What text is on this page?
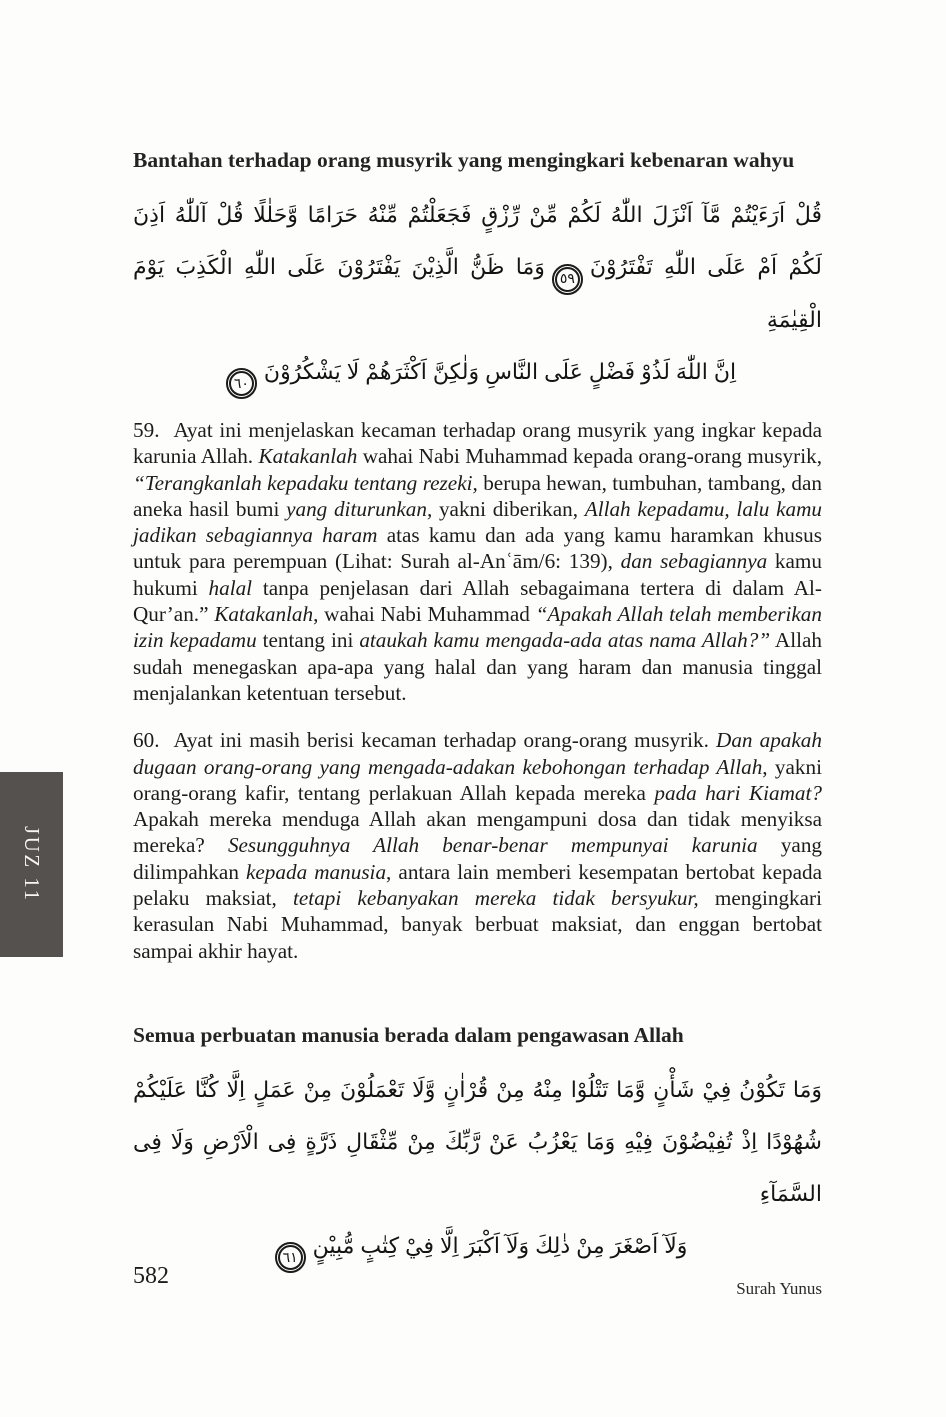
JUZ 11
Bantahan terhadap orang musyrik yang mengingkari kebenaran wahyu
قُلْ اَرَءَيْتُمْ مَّآ اَنْزَلَ اللّٰهُ لَكُمْ مِّنْ رِّزْقٍ فَجَعَلْتُمْ مِّنْهُ حَرَامًا وَّحَلٰلًا قُلْ آللّٰهُ اَذِنَ
لَكُمْ اَمْ عَلَى اللّٰهِ تَفْتَرُوْنَ٥٩وَمَا ظَنُّ الَّذِيْنَ يَفْتَرُوْنَ عَلَى اللّٰهِ الْكَذِبَ يَوْمَ الْقِيٰمَةِ
اِنَّ اللّٰهَ لَذُوْ فَضْلٍ عَلَى النَّاسِ وَلٰكِنَّ اَكْثَرَهُمْ لَا يَشْكُرُوْنَ٦٠

59. Ayat ini menjelaskan kecaman terhadap orang musyrik yang ingkar kepada karunia Allah. Katakanlah wahai Nabi Muhammad kepada orang-orang musyrik, “Terangkanlah kepadaku tentang rezeki, berupa hewan, tumbuhan, tambang, dan aneka hasil bumi yang diturunkan, yakni diberikan, Allah kepadamu, lalu kamu jadikan sebagiannya haram atas kamu dan ada yang kamu haramkan khusus untuk para perempuan (Lihat: Surah al-Anʿām/6: 139), dan sebagiannya kamu hukumi halal tanpa penjelasan dari Allah sebagaimana tertera di dalam Al-Qur’an.” Katakanlah, wahai Nabi Muhammad “Apakah Allah telah memberikan izin kepadamu tentang ini ataukah kamu mengada-ada atas nama Allah?” Allah sudah menegaskan apa-apa yang halal dan yang haram dan manusia tinggal menjalankan ketentuan tersebut.

60. Ayat ini masih berisi kecaman terhadap orang-orang musyrik. Dan apakah dugaan orang-orang yang mengada-adakan kebohongan terhadap Allah, yakni orang-orang kafir, tentang perlakuan Allah kepada mereka pada hari Kiamat? Apakah mereka menduga Allah akan mengampuni dosa dan tidak menyiksa mereka? Sesungguhnya Allah benar-benar mempunyai karunia yang dilimpahkan kepada manusia, antara lain memberi kesempatan bertobat kepada pelaku maksiat, tetapi kebanyakan mereka tidak bersyukur, mengingkari kerasulan Nabi Muhammad, banyak berbuat maksiat, dan enggan bertobat sampai akhir hayat.

Semua perbuatan manusia berada dalam pengawasan Allah
وَمَا تَكُوْنُ فِيْ شَأْنٍ وَّمَا تَتْلُوْا مِنْهُ مِنْ قُرْاٰنٍ وَّلَا تَعْمَلُوْنَ مِنْ عَمَلٍ اِلَّا كُنَّا عَلَيْكُمْ
شُهُوْدًا اِذْ تُفِيْضُوْنَ فِيْهِ وَمَا يَعْزُبُ عَنْ رَّبِّكَ مِنْ مِّثْقَالِ ذَرَّةٍ فِى الْاَرْضِ وَلَا فِى السَّمَآءِ
وَلَآ اَصْغَرَ مِنْ ذٰلِكَ وَلَآ اَكْبَرَ اِلَّا فِيْ كِتٰبٍ مُّبِيْنٍ٦١
582	Surah Yunus
